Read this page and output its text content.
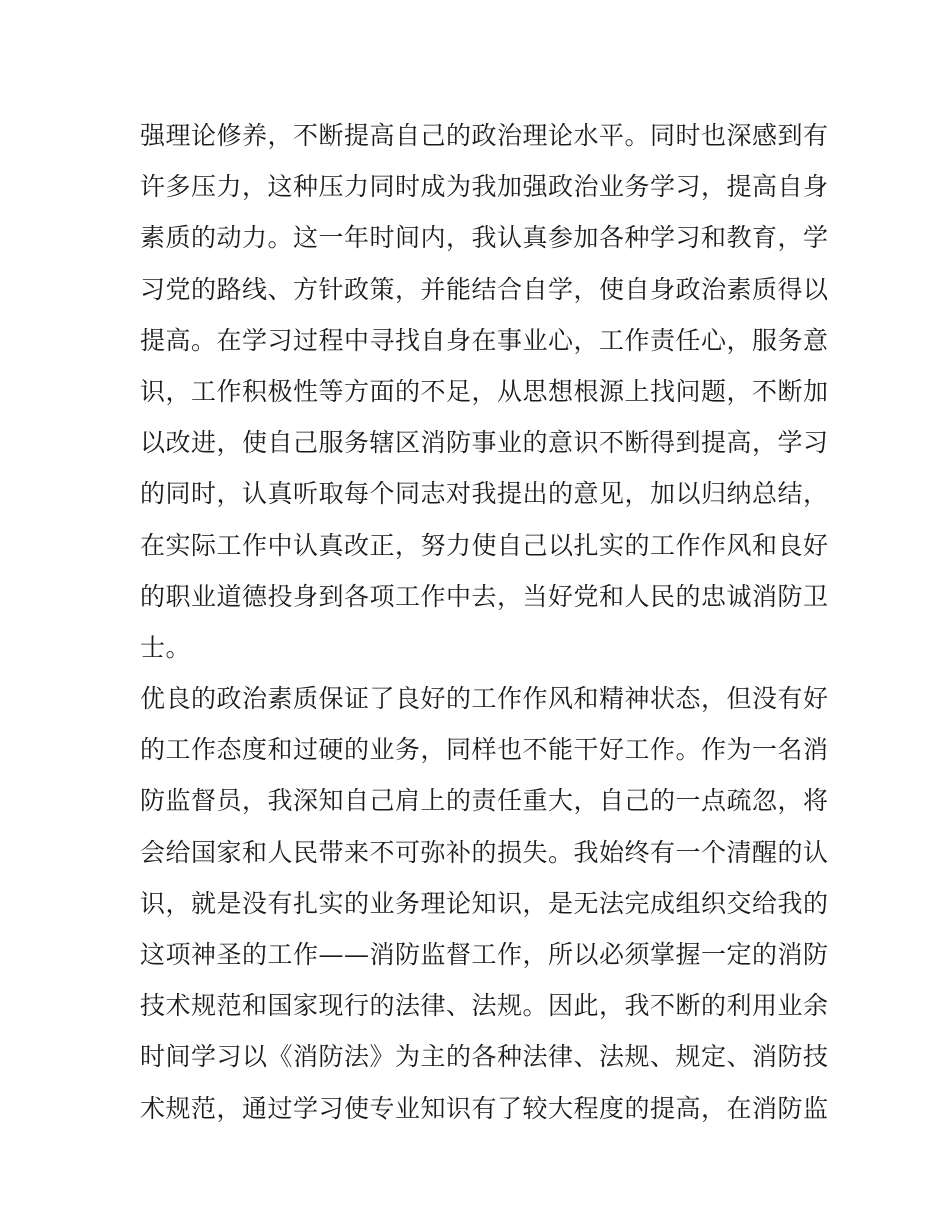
强理论修养，不断提高自己的政治理论水平。同时也深感到有
许多压力，这种压力同时成为我加强政治业务学习，提高自身
素质的动力。这一年时间内，我认真参加各种学习和教育，学
习党的路线、方针政策，并能结合自学，使自身政治素质得以
提高。在学习过程中寻找自身在事业心，工作责任心，服务意
识，工作积极性等方面的不足，从思想根源上找问题，不断加
以改进，使自己服务辖区消防事业的意识不断得到提高，学习
的同时，认真听取每个同志对我提出的意见，加以归纳总结，
在实际工作中认真改正，努力使自己以扎实的工作作风和良好
的职业道德投身到各项工作中去，当好党和人民的忠诚消防卫
士。
优良的政治素质保证了良好的工作作风和精神状态，但没有好
的工作态度和过硬的业务，同样也不能干好工作。作为一名消
防监督员，我深知自己肩上的责任重大，自己的一点疏忽，将
会给国家和人民带来不可弥补的损失。我始终有一个清醒的认
识，就是没有扎实的业务理论知识，是无法完成组织交给我的
这项神圣的工作——消防监督工作，所以必须掌握一定的消防
技术规范和国家现行的法律、法规。因此，我不断的利用业余
时间学习以《消防法》为主的各种法律、法规、规定、消防技
术规范，通过学习使专业知识有了较大程度的提高，在消防监
